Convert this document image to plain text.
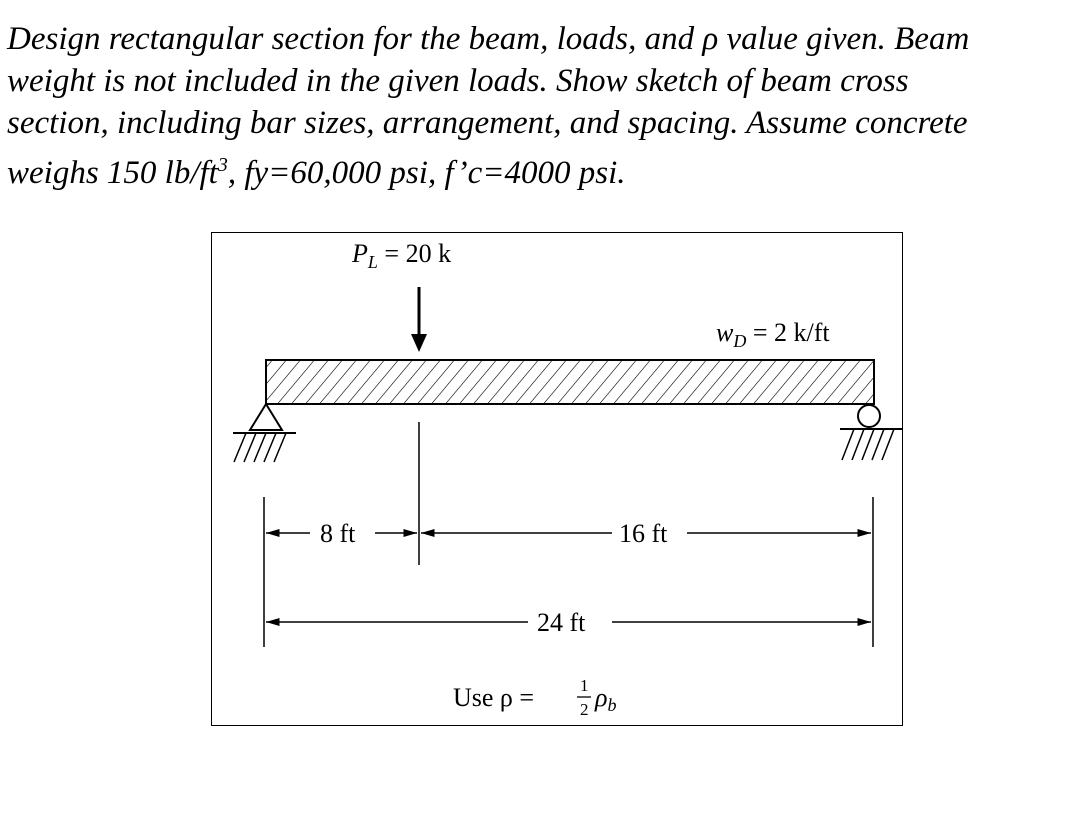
Design rectangular section for the beam, loads, and ρ value given. Beam

weight is not included in the given loads. Show sketch of beam cross

section, including bar sizes, arrangement, and spacing. Assume concrete

weighs 150 $lb/ft^3$, fy=60,000 psi, f’c=4000 psi.

$P_L = 20$ k
$w_D = 2$ k/ft
8 ft	16 ft
24 ft
Use ρ =	1
2 ρb
